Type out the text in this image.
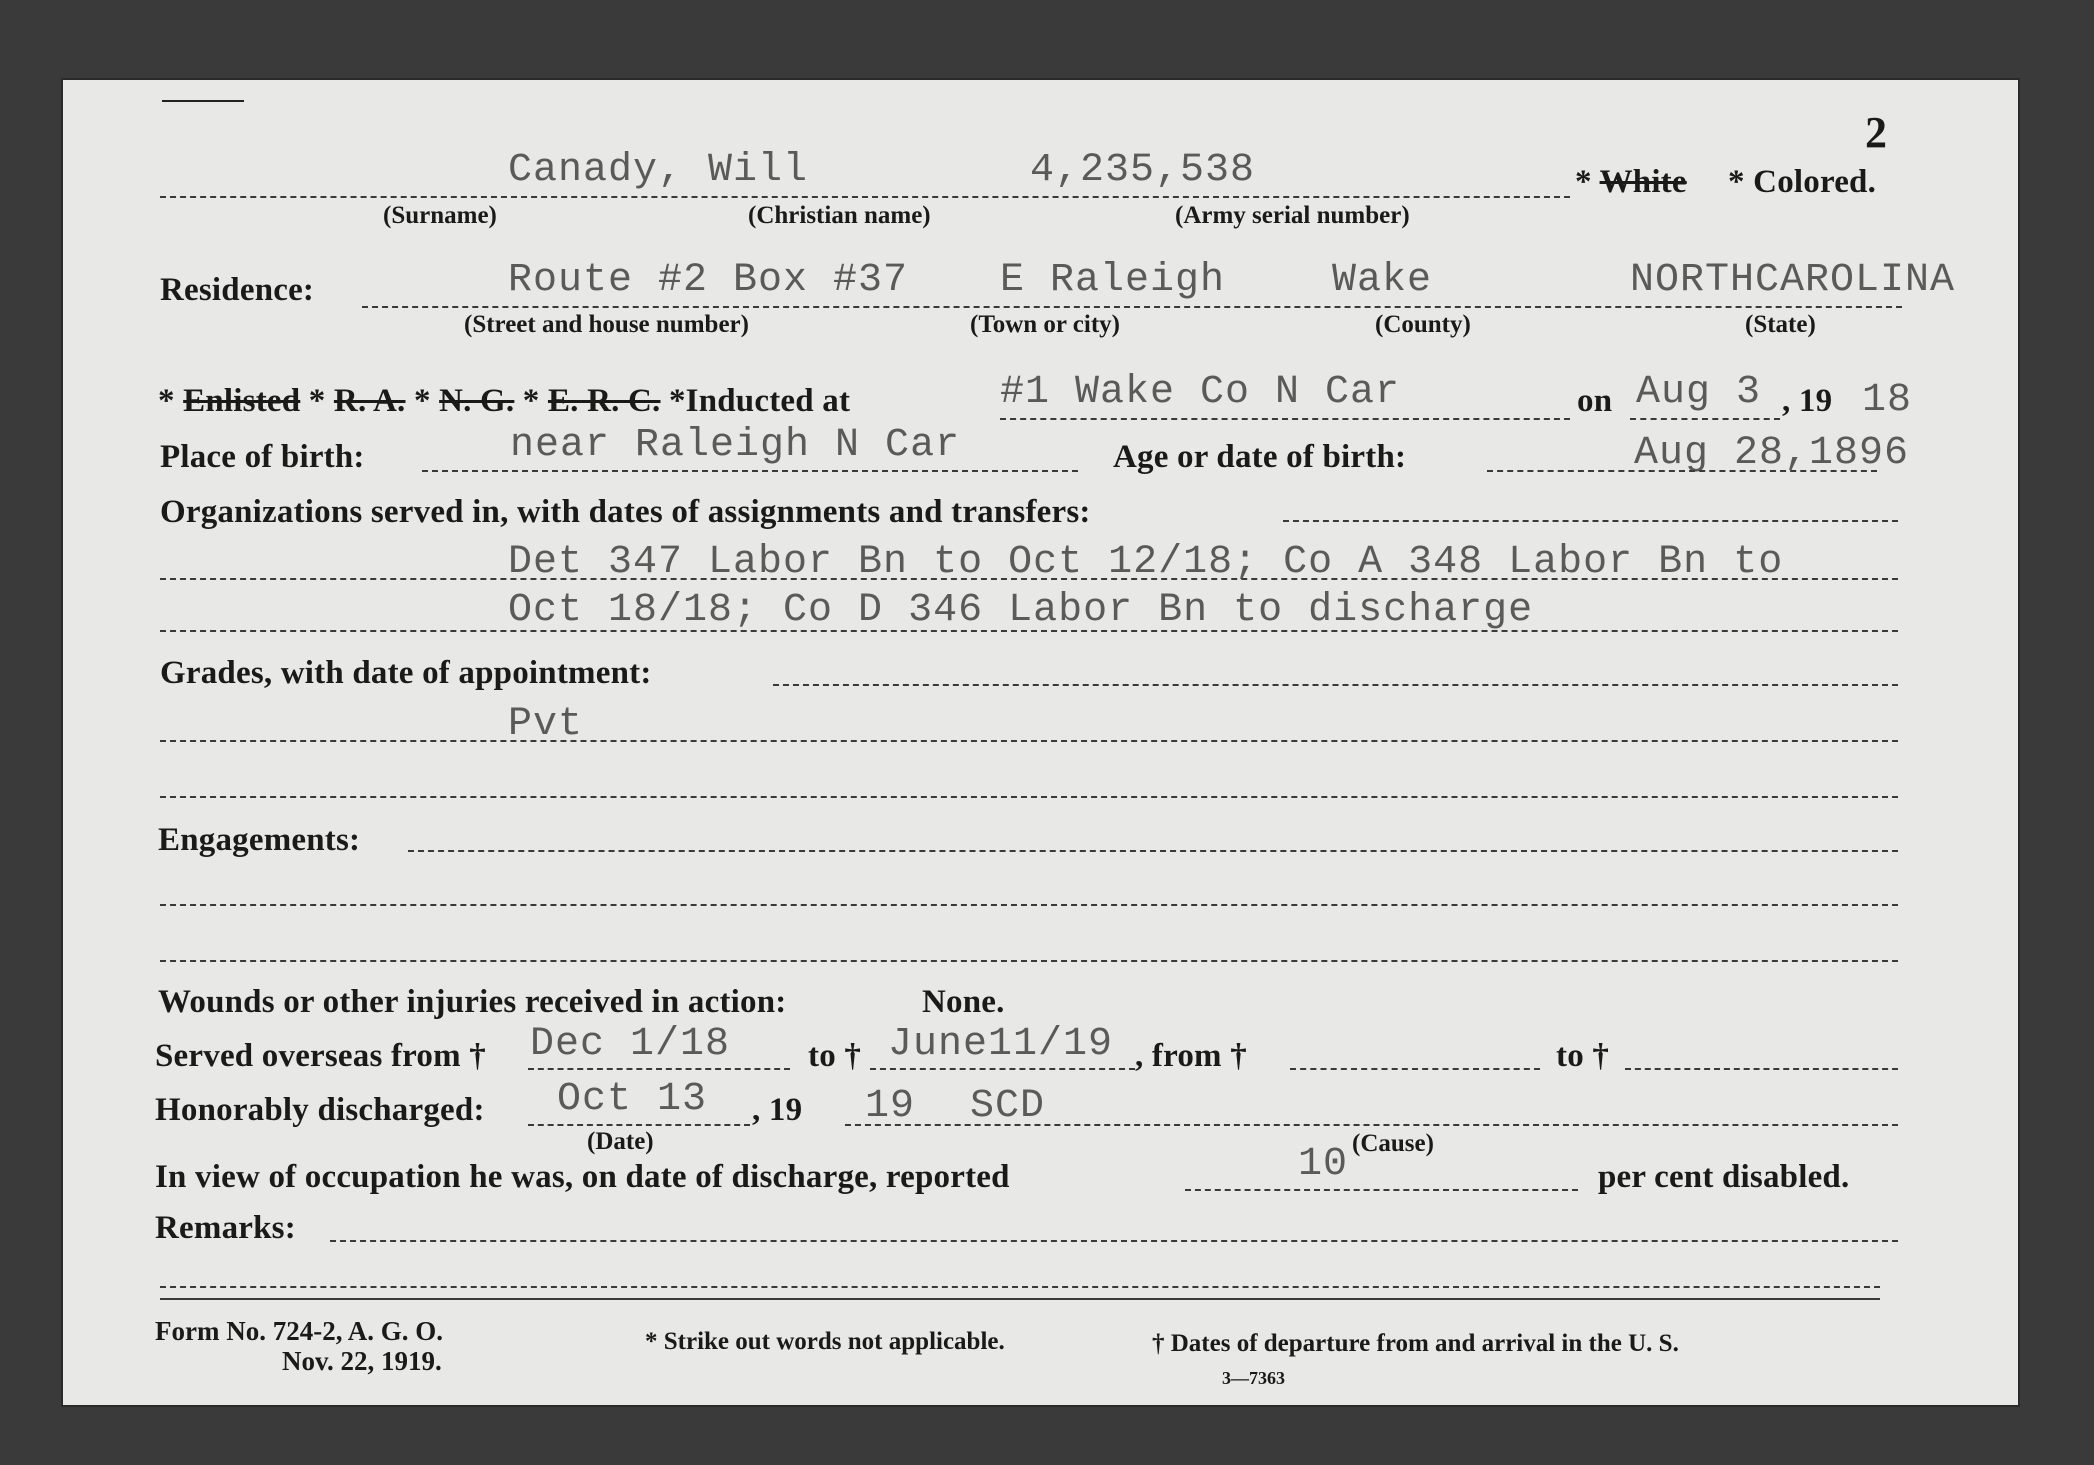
2
Canady, Will	4,235,538	* White * Colored.
(Surname)	(Christian name)	(Army serial number)
Residence:	Route #2 Box #37 E Raleigh	Wake	NORTHCAROLINA
(Street and house number)	(Town or city)	(County)	(State)
* Enlisted * R. A. * N. G. * E. R. C. *Inducted at	#1 Wake Co N Car	on Aug 3 , 19 18
Place of birth:	near Raleigh N Car	Age or date of birth:	Aug 28,1896
Organizations served in, with dates of assignments and transfers:
Det 347 Labor Bn to Oct 12/18; Co A 348 Labor Bn to
Oct 18/18; Co D 346 Labor Bn to discharge
Grades, with date of appointment:
Pvt
Engagements:
Wounds or other injuries received in action:	None.
Served overseas from † Dec 1/18 to † June11/19 , from †	to †
Honorably discharged: Oct 13 , 19 19 SCD
(Date)	(Cause)
In view of occupation he was, on date of discharge, reported	10	per cent disabled.
Remarks:
Form No. 724-2, A. G. O.
Nov. 22, 1919.
* Strike out words not applicable.	† Dates of departure from and arrival in the U. S.
3—7363
